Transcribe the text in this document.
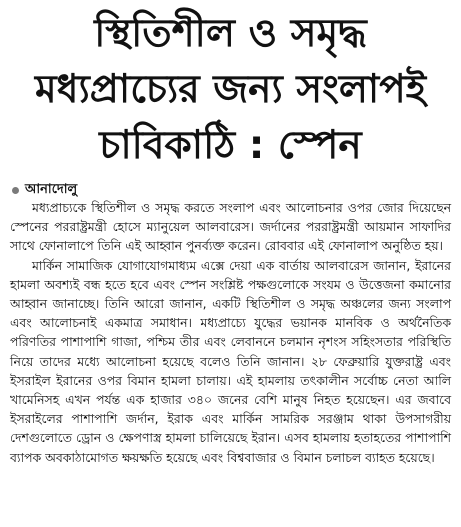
স্থিতিশীল ও সমৃদ্ধ
মধ্যপ্রাচ্যের জন্য সংলাপই
চাবিকাঠি : স্পেন
আনাদোলু

মধ্যপ্রাচ্যকে স্থিতিশীল ও সমৃদ্ধ করতে সংলাপ এবং আলোচনার ওপর জোর দিয়েছেন স্পেনের পররাষ্ট্রমন্ত্রী হোসে ম্যানুয়েল আলবারেস। জর্দানের পররাষ্ট্রমন্ত্রী আয়মান সাফাদির সাথে ফোনালাপে তিনি এই আহ্বান পুনর্ব্যক্ত করেন। রোববার এই ফোনালাপ অনুষ্ঠিত হয়।

মার্কিন সামাজিক যোগাযোগমাধ্যম এক্সে দেয়া এক বার্তায় আলবারেস জানান, ইরানের হামলা অবশ্যই বন্ধ হতে হবে এবং স্পেন সংশ্লিষ্ট পক্ষগুলোকে সংযম ও উত্তেজনা কমানোর আহ্বান জানাচ্ছে। তিনি আরো জানান, একটি স্থিতিশীল ও সমৃদ্ধ অঞ্চলের জন্য সংলাপ এবং আলোচনাই একমাত্র সমাধান। মধ্যপ্রাচ্যে যুদ্ধের ভয়ানক মানবিক ও অর্থনৈতিক পরিণতির পাশাপাশি গাজা, পশ্চিম তীর এবং লেবাননে চলমান নৃশংস সহিংসতার পরিস্থিতি নিয়ে তাদের মধ্যে আলোচনা হয়েছে বলেও তিনি জানান। ২৮ ফেব্রুয়ারি যুক্তরাষ্ট্র এবং ইসরাইল ইরানের ওপর বিমান হামলা চালায়। এই হামলায় তৎকালীন সর্বোচ্চ নেতা আলি খামেনিসহ এখন পর্যন্ত এক হাজার ৩৪০ জনের বেশি মানুষ নিহত হয়েছেন। এর জবাবে ইসরাইলের পাশাপাশি জর্দান, ইরাক এবং মার্কিন সামরিক সরঞ্জাম থাকা উপসাগরীয় দেশগুলোতে ড্রোন ও ক্ষেপণাস্ত্র হামলা চালিয়েছে ইরান। এসব হামলায় হতাহতের পাশাপাশি ব্যাপক অবকাঠামোগত ক্ষয়ক্ষতি হয়েছে এবং বিশ্ববাজার ও বিমান চলাচল ব্যাহত হয়েছে।
